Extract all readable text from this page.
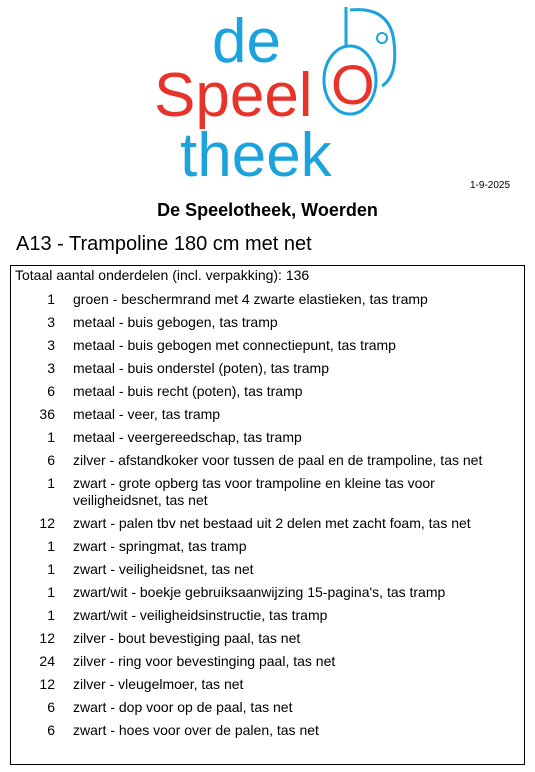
de
Speel O
theek	1-9-2025
De Speelotheek, Woerden
A13 - Trampoline 180 cm met net
Totaal aantal onderdelen (incl. verpakking): 136
1 groen - beschermrand met 4 zwarte elastieken, tas tramp
3 metaal - buis gebogen, tas tramp
3 metaal - buis gebogen met connectiepunt, tas tramp
3 metaal - buis onderstel (poten), tas tramp
6 metaal - buis recht (poten), tas tramp
36 metaal - veer, tas tramp
1 metaal - veergereedschap, tas tramp
6 zilver - afstandkoker voor tussen de paal en de trampoline, tas net
1 zwart - grote opberg tas voor trampoline en kleine tas voor veiligheidsnet, tas net
12 zwart - palen tbv net bestaad uit 2 delen met zacht foam, tas net
1 zwart - springmat, tas tramp
1 zwart - veiligheidsnet, tas net
1 zwart/wit - boekje gebruiksaanwijzing 15-pagina's, tas tramp
1 zwart/wit - veiligheidsinstructie, tas tramp
12 zilver - bout bevestiging paal, tas net
24 zilver - ring voor bevestinging paal, tas net
12 zilver - vleugelmoer, tas net
6 zwart - dop voor op de paal, tas net
6 zwart - hoes voor over de palen, tas net
